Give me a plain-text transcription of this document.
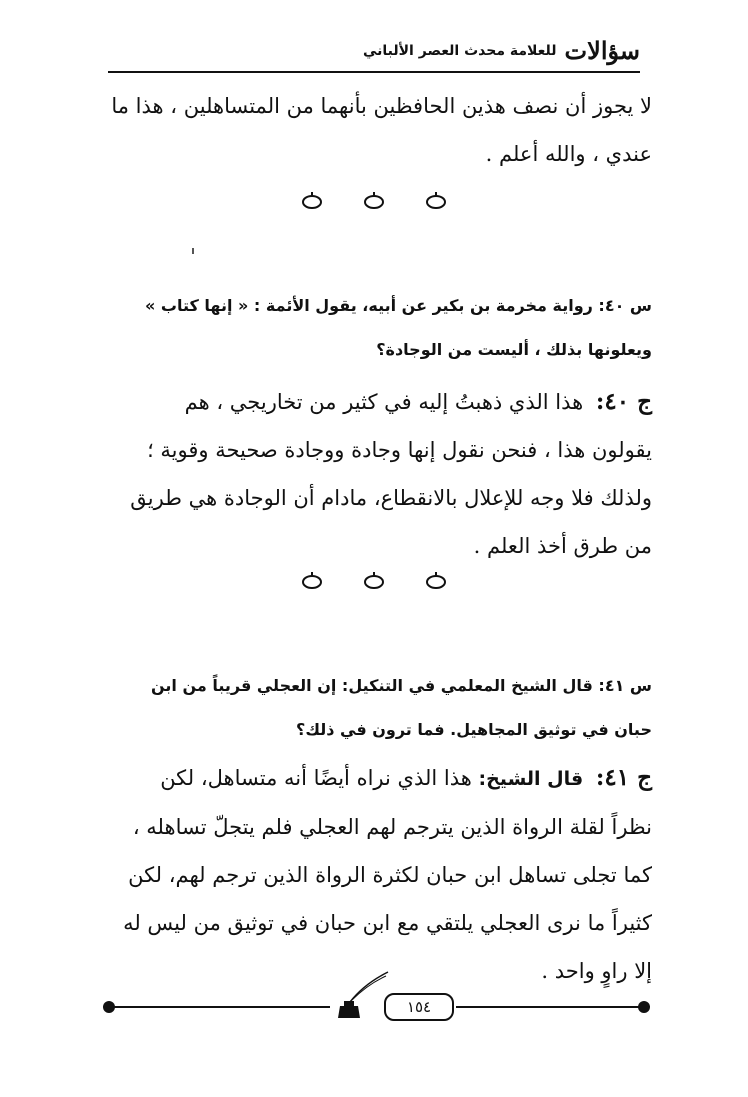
سؤالات
للعلامة محدث العصر الألباني
لا يجوز أن نصف هذين الحافظين بأنهما من المتساهلين ، هذا ما
عندي ، والله أعلم .
س ٤٠: رواية مخرمة بن بكير عن أبيه، يقول الأئمة : « إنها كتاب »
ويعلونها بذلك ، أليست من الوجادة؟
ج ٤٠: هذا الذي ذهبتُ إليه في كثير من تخاريجي ، هم
يقولون هذا ، فنحن نقول إنها وجادة ووجادة صحيحة وقوية ؛
ولذلك فلا وجه للإعلال بالانقطاع، مادام أن الوجادة هي طريق
من طرق أخذ العلم .
س ٤١: قال الشيخ المعلمي في التنكيل: إن العجلي قريباً من ابن
حبان في توثيق المجاهيل. فما ترون في ذلك؟
ج ٤١: قال الشيخ: هذا الذي نراه أيضًا أنه متساهل، لكن
نظراً لقلة الرواة الذين يترجم لهم العجلي فلم يتجلّ تساهله ،
كما تجلى تساهل ابن حبان لكثرة الرواة الذين ترجم لهم، لكن
كثيراً ما نرى العجلي يلتقي مع ابن حبان في توثيق من ليس له
إلا راوٍ واحد .
١٥٤
